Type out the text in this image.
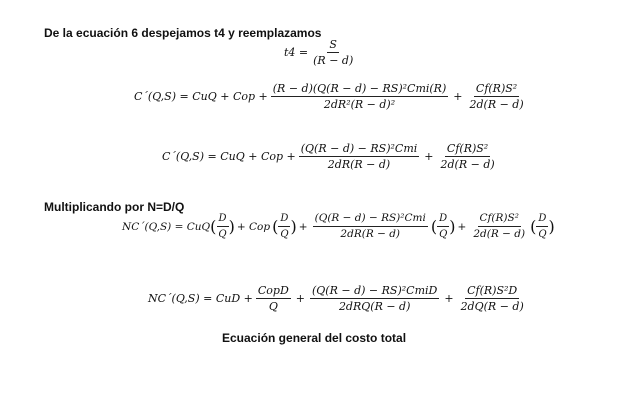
De la ecuación 6 despejamos t4 y reemplazamos
$t4 = \frac{S}{(R - d)}$
C´(Q,S) = CuQ + Cop + $\frac{\text{(R − d)(Q(R − d) − RS)²Cmi(R)}}{\text{2dR²(R − d)²}} + \frac{\text{Cf(R)S²}}{2d(R - d)}$
C´(Q,S) = CuQ + Cop + $\frac{\text{(Q(R − d) − RS)²Cmi}}{2dR(R - d)} + \frac{\text{Cf(R)S²}}{2d(R - d)}$
Multiplicando por N=D/Q
NC´(Q,S) = CuQ ( $\frac{D}{Q}$ ) + Cop ( $\frac{D}{Q}$ ) + $\frac{\text{(Q(R − d) − RS)²Cmi}}{2dR(R - d)}$ ( $\frac{D}{Q}$ ) + $\frac{\text{Cf(R)S²}}{2d(R - d)}$ ( $\frac{D}{Q}$ )
NC´(Q,S) = CuD + $\frac{\text{CopD}}{Q} + \frac{\text{(Q(R − d) − RS)²CmiD}}{\text{2dRQ(R − d)}} + \frac{\text{Cf(R)S²D}}{2dQ(R - d)}$
Ecuación general del costo total
